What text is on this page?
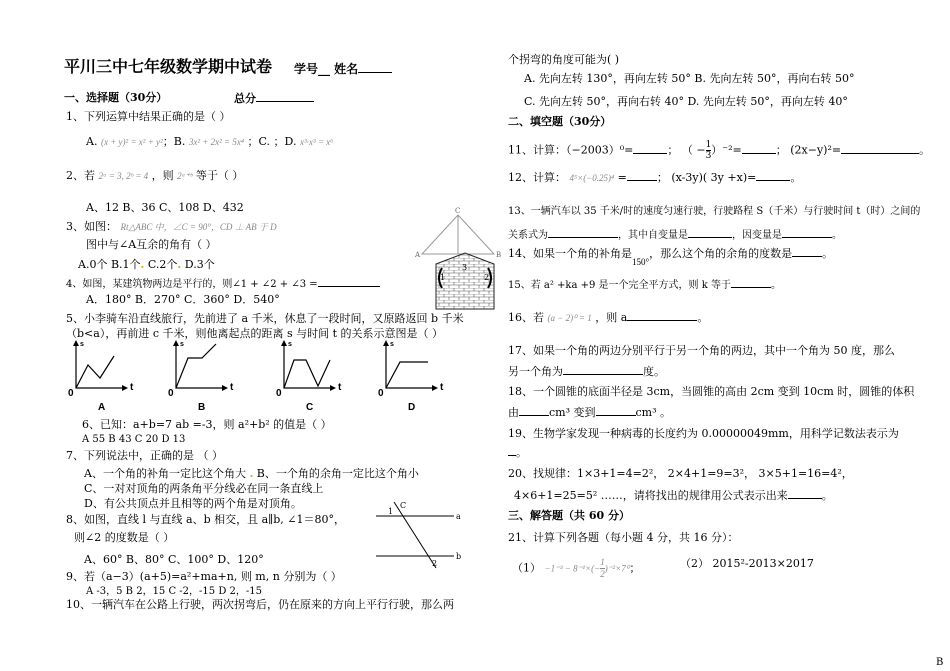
平川三中七年级数学期中试卷 学号__ 姓名
一、选择题（30分）	总分
1、下列运算中结果正确的是（ ）
A. (x + y)² = x² + y²；B. 3x² + 2x² = 5x⁴ ；C. ；D. x³·x³ = x⁶
2、若 2ᵃ = 3, 2ᵇ = 4 ，则 2ᵃ⁺ᵇ 等于（ ）
A、12 B、36 C、108 D、432
3、如图： Rt△ABC 中，∠C = 90°，CD ⊥ AB 于 D
图中与∠A互余的角有（ ）
A.0个 B.1个. C.2个. D.3个
4、如图，某建筑物两边是平行的，则∠1 + ∠2 + ∠3 =
A．180° B．270° C．360° D．540°
5、小李骑车沿直线旅行，先前进了 a 千米，休息了一段时间，又原路返回 b 千米
（b<a），再前进 c 千米，则他离起点的距离 s 与时间 t 的关系示意图是（ ）
C
A	B
3
1	2
s
t
0
A
s
t
0
B
s
t
0
C
s
t
0
D
6、已知：a+b=7 ab =-3，则 a²+b² 的值是（ ）
A 55 B 43 C 20 D 13
7、下列说法中，正确的是 （ ）
A、一个角的补角一定比这个角大 . B、一个角的余角一定比这个角小
C、一对对顶角的两条角平分线必在同一条直线上
D、有公共顶点并且相等的两个角是对顶角。
8、如图，直线 l 与直线 a、b 相交，且 a∥b, ∠1＝80°，
则∠2 的度数是（ ）
A、60° B、80° C、100° D、120°
C
1
a
b
2
9、若（a−3）(a+5)=a²+ma+n, 则 m, n 分别为（ ）
A -3，5 B 2，15 C -2，-15 D 2，-15
10、一辆汽车在公路上行驶，两次拐弯后，仍在原来的方向上平行行驶，那么两
个拐弯的角度可能为( )
A. 先向左转 130°，再向左转 50° B. 先向左转 50°，再向右转 50°
C. 先向左转 50°，再向右转 40° D. 先向左转 50°，再向左转 40°
二、填空题（30分）
11、计算：（−2003）⁰=	； （ $-\frac{1}{3})^{-2}=$	； (2x−y)²=	。
12、计算： 4⁵×(−0.25)⁴ =	； (x-3y)( 3y +x)=	。
13、一辆汽车以 35 千米/时的速度匀速行驶，行驶路程 S（千米）与行驶时间 t（时）之间的
关系式为	，其中自变量是	，因变量是	。
14、如果一个角的补角是$_{150^\circ}$，那么这个角的余角的度数是	。
15、若 a² +ka +9 是一个完全平方式，则 k 等于	。
16、若 (a − 2)⁰ = 1 ，则 a	。
17、如果一个角的两边分别平行于另一个角的两边，其中一个角为 50 度，那么
另一个角为	度。
18、一个圆锥的底面半径是 3cm，当圆锥的高由 2cm 变到 10cm 时，圆锥的体积
由	cm³ 变到	cm³ 。
19、生物学家发现一种病毒的长度约为 0.00000049mm，用科学记数法表示为
。
20、找规律：1×3+1=4=2²， 2×4+1=9=3²， 3×5+1=16=4²，
4×6+1=25=5² ……，请将找出的规律用公式表示出来	。
三、解答题（共 60 分）
21、计算下列各题（每小题 4 分，共 16 分）：
$(1) -1^{-3} - 8^{-1}\times(-\frac{1}{2})^{-2}\times 7^0$；	（2） 2015²-2013×2017
B
